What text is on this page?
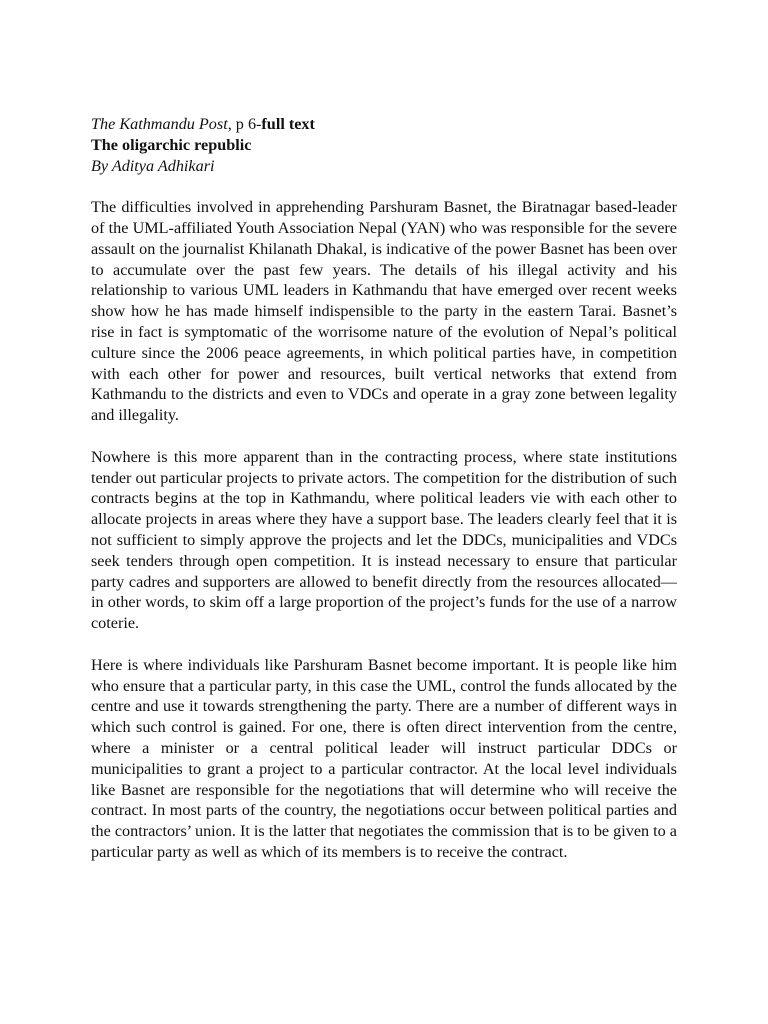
The Kathmandu Post, p 6-full text

The oligarchic republic

By Aditya Adhikari

The difficulties involved in apprehending Parshuram Basnet, the Biratnagar based-leader of the UML-affiliated Youth Association Nepal (YAN) who was responsible for the severe assault on the journalist Khilanath Dhakal, is indicative of the power Basnet has been over to accumulate over the past few years. The details of his illegal activity and his relationship to various UML leaders in Kathmandu that have emerged over recent weeks show how he has made himself indispensible to the party in the eastern Tarai. Basnet’s rise in fact is symptomatic of the worrisome nature of the evolution of Nepal’s political culture since the 2006 peace agreements, in which political parties have, in competition with each other for power and resources, built vertical networks that extend from Kathmandu to the districts and even to VDCs and operate in a gray zone between legality and illegality.

Nowhere is this more apparent than in the contracting process, where state institutions tender out particular projects to private actors. The competition for the distribution of such contracts begins at the top in Kathmandu, where political leaders vie with each other to allocate projects in areas where they have a support base. The leaders clearly feel that it is not sufficient to simply approve the projects and let the DDCs, municipalities and VDCs seek tenders through open competition. It is instead necessary to ensure that particular party cadres and supporters are allowed to benefit directly from the resources allocated—in other words, to skim off a large proportion of the project’s funds for the use of a narrow coterie.

Here is where individuals like Parshuram Basnet become important. It is people like him who ensure that a particular party, in this case the UML, control the funds allocated by the centre and use it towards strengthening the party. There are a number of different ways in which such control is gained. For one, there is often direct intervention from the centre, where a minister or a central political leader will instruct particular DDCs or municipalities to grant a project to a particular contractor. At the local level individuals like Basnet are responsible for the negotiations that will determine who will receive the contract. In most parts of the country, the negotiations occur between political parties and the contractors’ union. It is the latter that negotiates the commission that is to be given to a particular party as well as which of its members is to receive the contract.
